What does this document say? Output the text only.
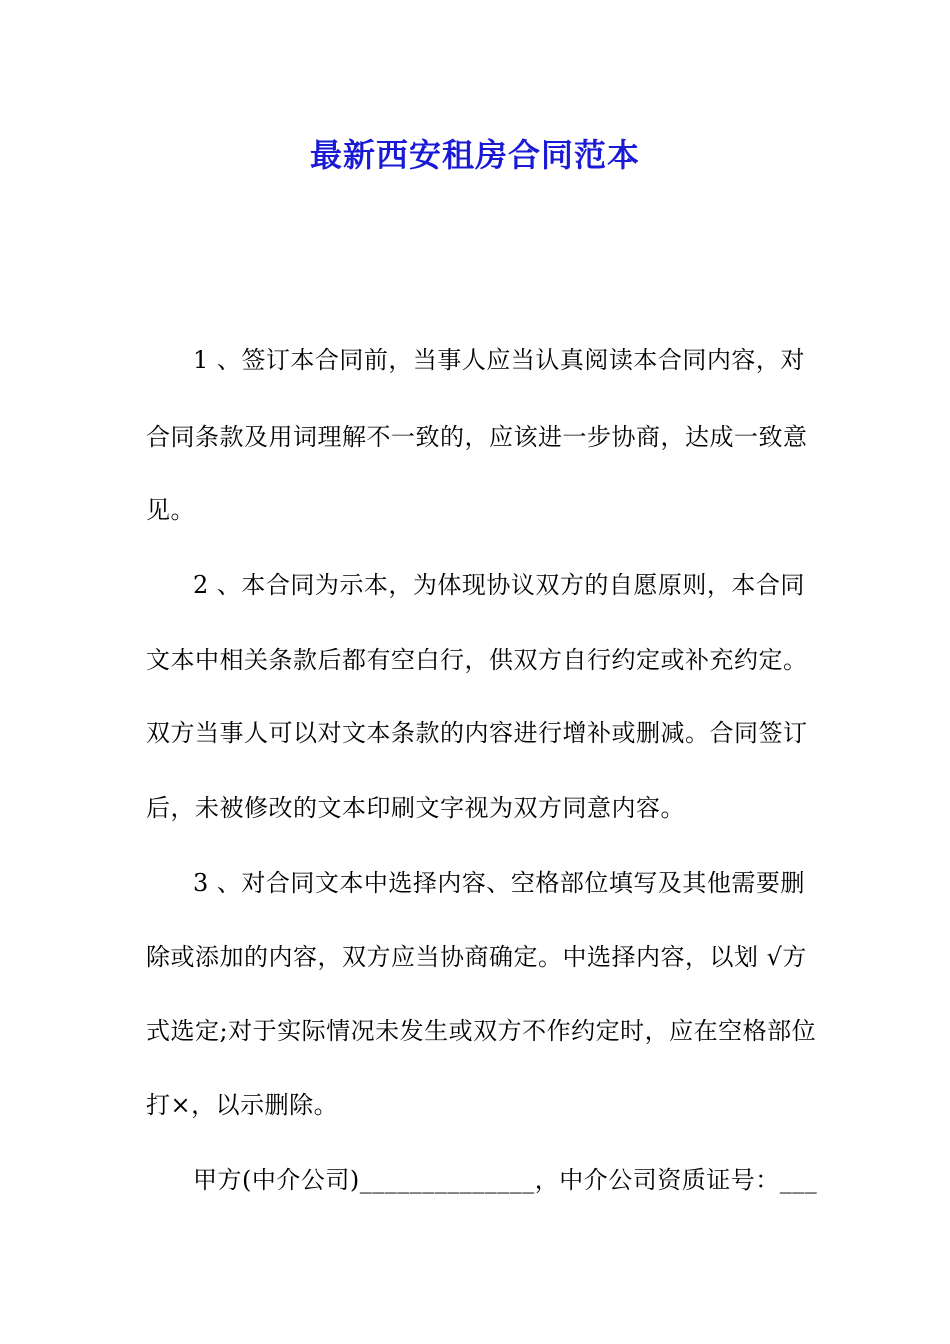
最新西安租房合同范本
1 、签订本合同前，当事人应当认真阅读本合同内容，对
合同条款及用词理解不一致的，应该进一步协商，达成一致意
见。
2 、本合同为示本，为体现协议双方的自愿原则，本合同
文本中相关条款后都有空白行，供双方自行约定或补充约定。
双方当事人可以对文本条款的内容进行增补或删减。合同签订
后，未被修改的文本印刷文字视为双方同意内容。
3 、对合同文本中选择内容、空格部位填写及其他需要删
除或添加的内容，双方应当协商确定。中选择内容，以划 √方
式选定;对于实际情况未发生或双方不作约定时，应在空格部位
打×，以示删除。
甲方(中介公司)______________，中介公司资质证号：___
